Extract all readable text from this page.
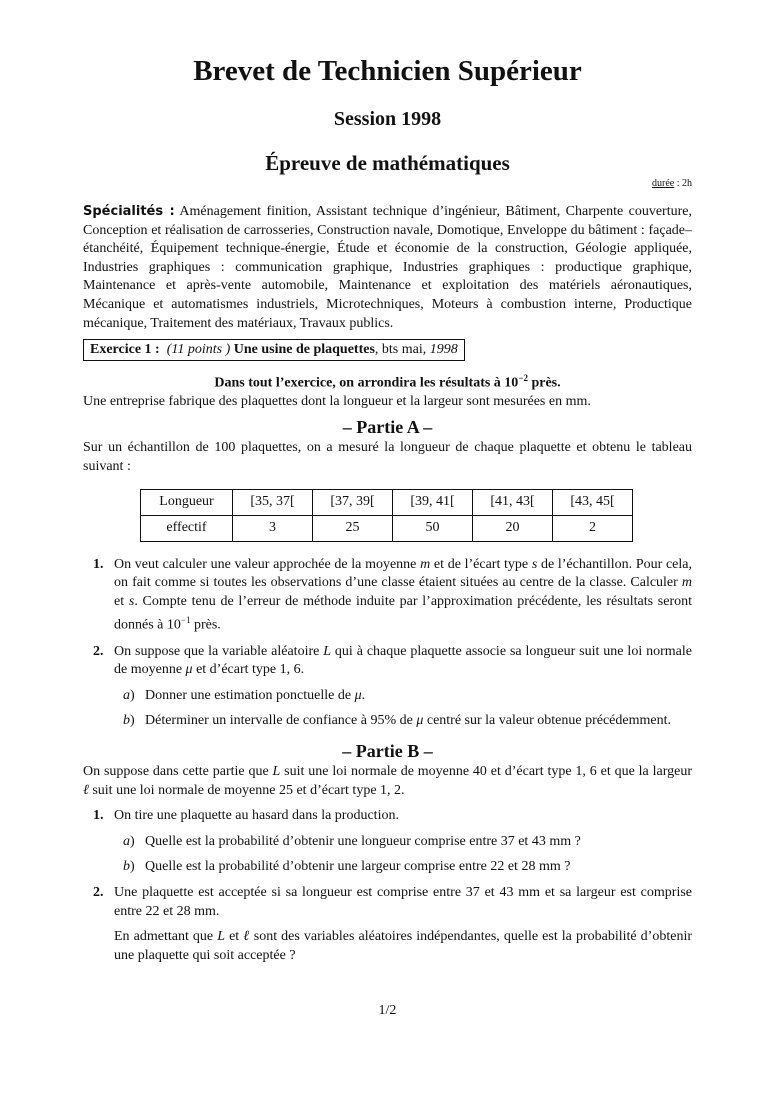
Brevet de Technicien Supérieur
Session 1998
Épreuve de mathématiques
durée : 2h

Spécialités : Aménagement finition, Assistant technique d’ingénieur, Bâtiment, Charpente couverture, Conception et réalisation de carrosseries, Construction navale, Domotique, Enveloppe du bâtiment : façade–étanchéité, Équipement technique-énergie, Étude et économie de la construction, Géologie appliquée, Industries graphiques : communication graphique, Industries graphiques : productique graphique, Maintenance et après-vente automobile, Maintenance et exploitation des matériels aéronautiques, Mécanique et automatismes industriels, Microtechniques, Moteurs à combustion interne, Productique mécanique, Traitement des matériaux, Travaux publics.

Exercice 1 : (11 points ) Une usine de plaquettes, bts mai, 1998
Dans tout l’exercice, on arrondira les résultats à $10^{-2}$ près.

Une entreprise fabrique des plaquettes dont la longueur et la largeur sont mesurées en mm.

– Partie A –

Sur un échantillon de 100 plaquettes, on a mesuré la longueur de chaque plaquette et obtenu le tableau suivant :

Longueur	[35, 37[	[37, 39[	[39, 41[	[41, 43[	[43, 45[
effectif	3	25	50	20	2
1. On veut calculer une valeur approchée de la moyenne m et de l’écart type s de l’échantillon. Pour cela, on fait comme si toutes les observations d’une classe étaient situées au centre de la classe. Calculer m et s. Compte tenu de l’erreur de méthode induite par l’approximation précédente, les résultats seront donnés à $10^{-1}$ près.

2. On suppose que la variable aléatoire L qui à chaque plaquette associe sa longueur suit une loi normale de moyenne μ et d’écart type 1, 6.

a) Donner une estimation ponctuelle de μ.

b) Déterminer un intervalle de confiance à 95% de μ centré sur la valeur obtenue précédemment.

– Partie B –

On suppose dans cette partie que L suit une loi normale de moyenne 40 et d’écart type 1, 6 et que la largeur ℓ suit une loi normale de moyenne 25 et d’écart type 1, 2.

1. On tire une plaquette au hasard dans la production.

a) Quelle est la probabilité d’obtenir une longueur comprise entre 37 et 43 mm ?

b) Quelle est la probabilité d’obtenir une largeur comprise entre 22 et 28 mm ?

2. Une plaquette est acceptée si sa longueur est comprise entre 37 et 43 mm et sa largeur est comprise entre 22 et 28 mm.

En admettant que L et ℓ sont des variables aléatoires indépendantes, quelle est la probabilité d’obtenir une plaquette qui soit acceptée ?

1/2
